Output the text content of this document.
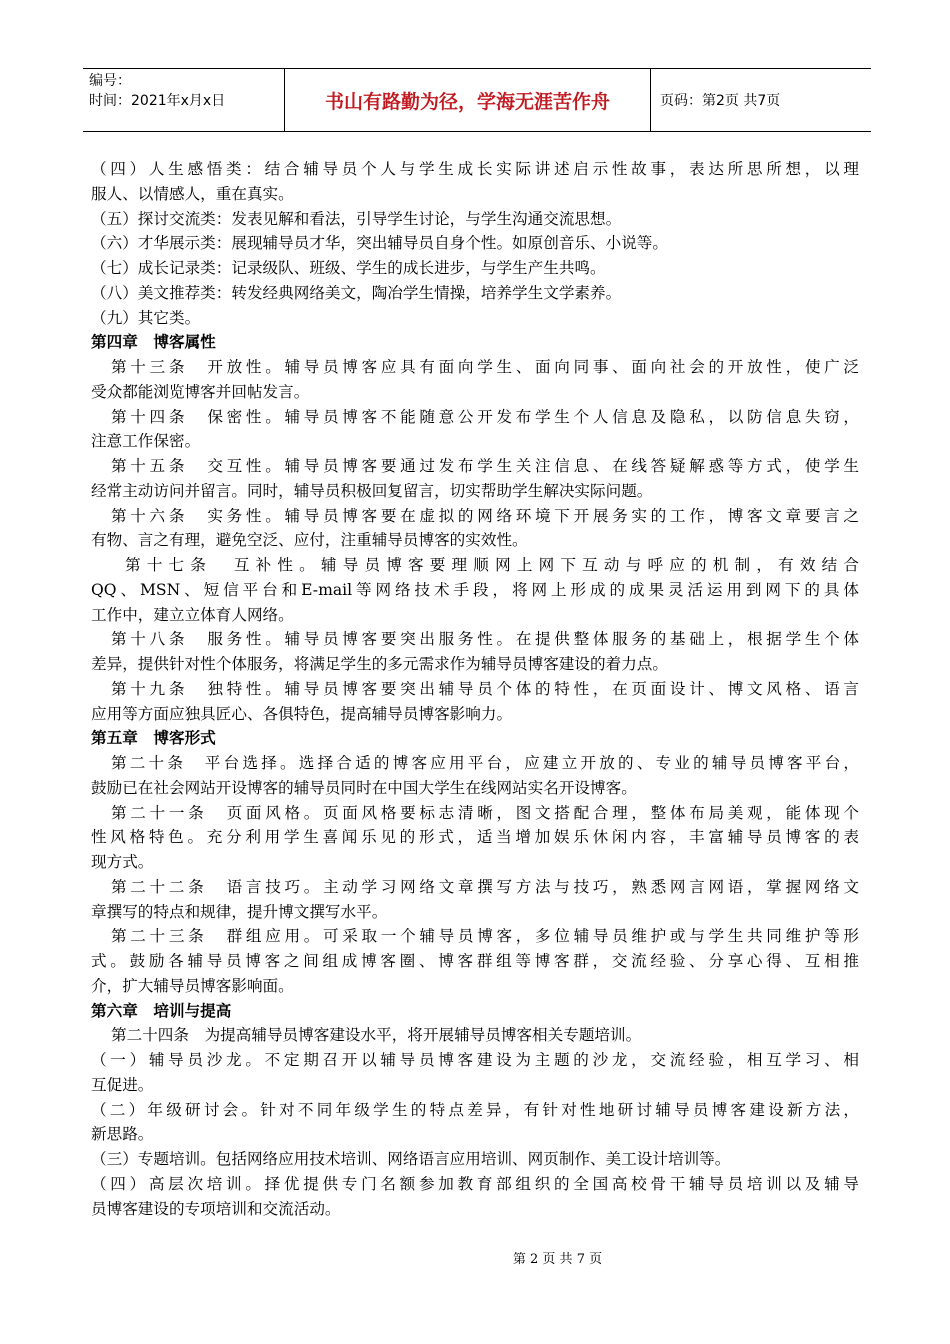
编号：
时间：2021年x月x日	书山有路勤为径，学海无涯苦作舟	页码：第2页 共7页
（四）人生感悟类：结合辅导员个人与学生成长实际讲述启示性故事，表达所思所想，以理
服人、以情感人，重在真实。
（五）探讨交流类：发表见解和看法，引导学生讨论，与学生沟通交流思想。
（六）才华展示类：展现辅导员才华，突出辅导员自身个性。如原创音乐、小说等。
（七）成长记录类：记录级队、班级、学生的成长进步，与学生产生共鸣。
（八）美文推荐类：转发经典网络美文，陶冶学生情操，培养学生文学素养。
（九）其它类。
第四章　博客属性
第十三条　开放性。辅导员博客应具有面向学生、面向同事、面向社会的开放性，使广泛
受众都能浏览博客并回帖发言。
第十四条　保密性。辅导员博客不能随意公开发布学生个人信息及隐私，以防信息失窃，
注意工作保密。
第十五条　交互性。辅导员博客要通过发布学生关注信息、在线答疑解惑等方式，使学生
经常主动访问并留言。同时，辅导员积极回复留言，切实帮助学生解决实际问题。
第十六条　实务性。辅导员博客要在虚拟的网络环境下开展务实的工作，博客文章要言之
有物、言之有理，避免空泛、应付，注重辅导员博客的实效性。
第十七条　互补性。辅导员博客要理顺网上网下互动与呼应的机制，有效结合
QQ、MSN、短信平台和E-mail等网络技术手段，将网上形成的成果灵活运用到网下的具体
工作中，建立立体育人网络。
第十八条　服务性。辅导员博客要突出服务性。在提供整体服务的基础上，根据学生个体
差异，提供针对性个体服务，将满足学生的多元需求作为辅导员博客建设的着力点。
第十九条　独特性。辅导员博客要突出辅导员个体的特性，在页面设计、博文风格、语言
应用等方面应独具匠心、各俱特色，提高辅导员博客影响力。
第五章　博客形式
第二十条　平台选择。选择合适的博客应用平台，应建立开放的、专业的辅导员博客平台，
鼓励已在社会网站开设博客的辅导员同时在中国大学生在线网站实名开设博客。
第二十一条　页面风格。页面风格要标志清晰，图文搭配合理，整体布局美观，能体现个
性风格特色。充分利用学生喜闻乐见的形式，适当增加娱乐休闲内容，丰富辅导员博客的表
现方式。
第二十二条　语言技巧。主动学习网络文章撰写方法与技巧，熟悉网言网语，掌握网络文
章撰写的特点和规律，提升博文撰写水平。
第二十三条　群组应用。可采取一个辅导员博客，多位辅导员维护或与学生共同维护等形
式。鼓励各辅导员博客之间组成博客圈、博客群组等博客群，交流经验、分享心得、互相推
介，扩大辅导员博客影响面。
第六章　培训与提高
第二十四条　为提高辅导员博客建设水平，将开展辅导员博客相关专题培训。
（一）辅导员沙龙。不定期召开以辅导员博客建设为主题的沙龙，交流经验，相互学习、相
互促进。
（二）年级研讨会。针对不同年级学生的特点差异，有针对性地研讨辅导员博客建设新方法，
新思路。
（三）专题培训。包括网络应用技术培训、网络语言应用培训、网页制作、美工设计培训等。
（四）高层次培训。择优提供专门名额参加教育部组织的全国高校骨干辅导员培训以及辅导
员博客建设的专项培训和交流活动。
第 2 页 共 7 页
